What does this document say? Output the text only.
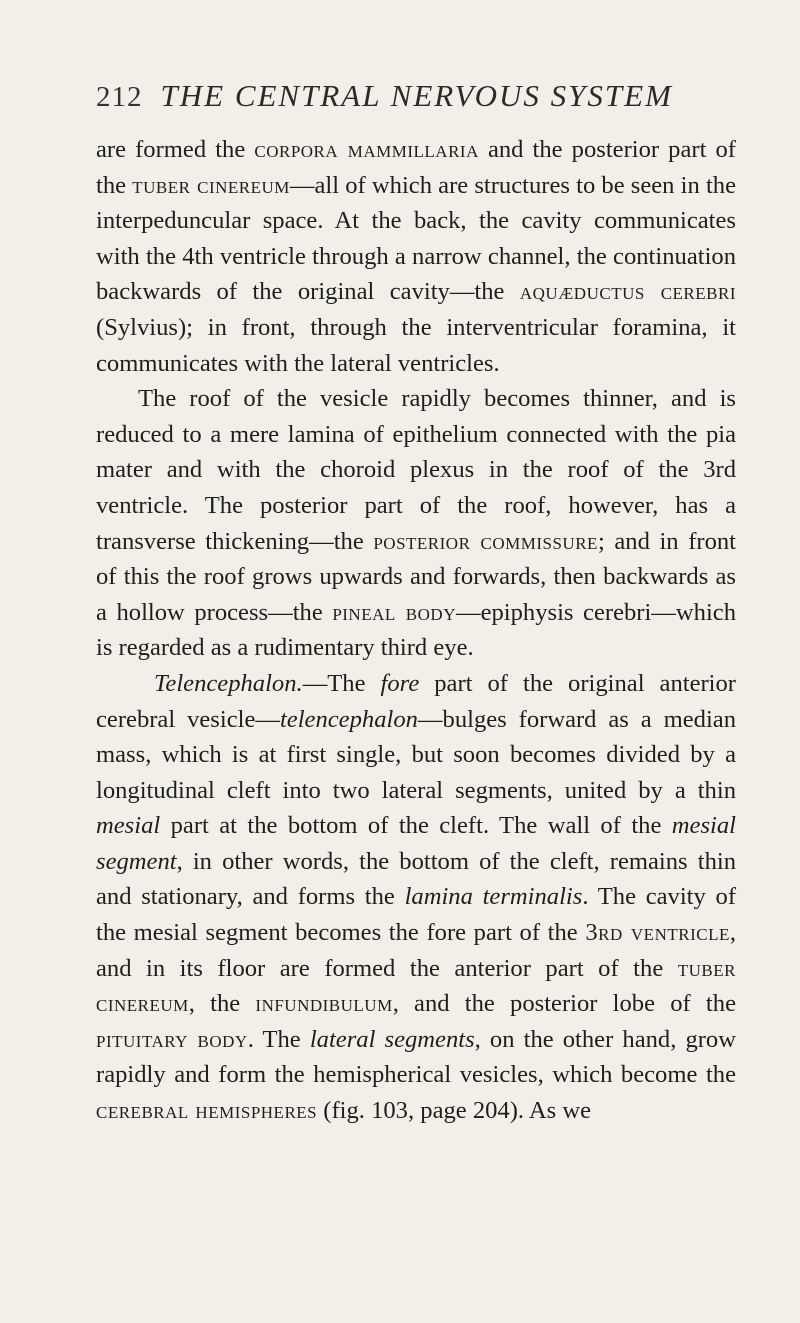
212 THE CENTRAL NERVOUS SYSTEM

are formed the corpora mammillaria and the posterior part of the tuber cinereum—all of which are structures to be seen in the interpeduncular space. At the back, the cavity communicates with the 4th ventricle through a narrow channel, the continuation backwards of the original cavity—the aquæductus cerebri (Sylvius); in front, through the interventricular foramina, it communicates with the lateral ventricles.

The roof of the vesicle rapidly becomes thinner, and is reduced to a mere lamina of epithelium connected with the pia mater and with the choroid plexus in the roof of the 3rd ventricle. The posterior part of the roof, however, has a transverse thickening—the posterior commissure; and in front of this the roof grows upwards and forwards, then backwards as a hollow process—the pineal body—epiphysis cerebri—which is regarded as a rudimentary third eye.

Telencephalon.—The fore part of the original anterior cerebral vesicle—telencephalon—bulges forward as a median mass, which is at first single, but soon becomes divided by a longitudinal cleft into two lateral segments, united by a thin mesial part at the bottom of the cleft. The wall of the mesial segment, in other words, the bottom of the cleft, remains thin and stationary, and forms the lamina terminalis. The cavity of the mesial segment becomes the fore part of the 3rd ventricle, and in its floor are formed the anterior part of the tuber cinereum, the infundibulum, and the posterior lobe of the pituitary body. The lateral segments, on the other hand, grow rapidly and form the hemispherical vesicles, which become the cerebral hemispheres (fig. 103, page 204). As we
